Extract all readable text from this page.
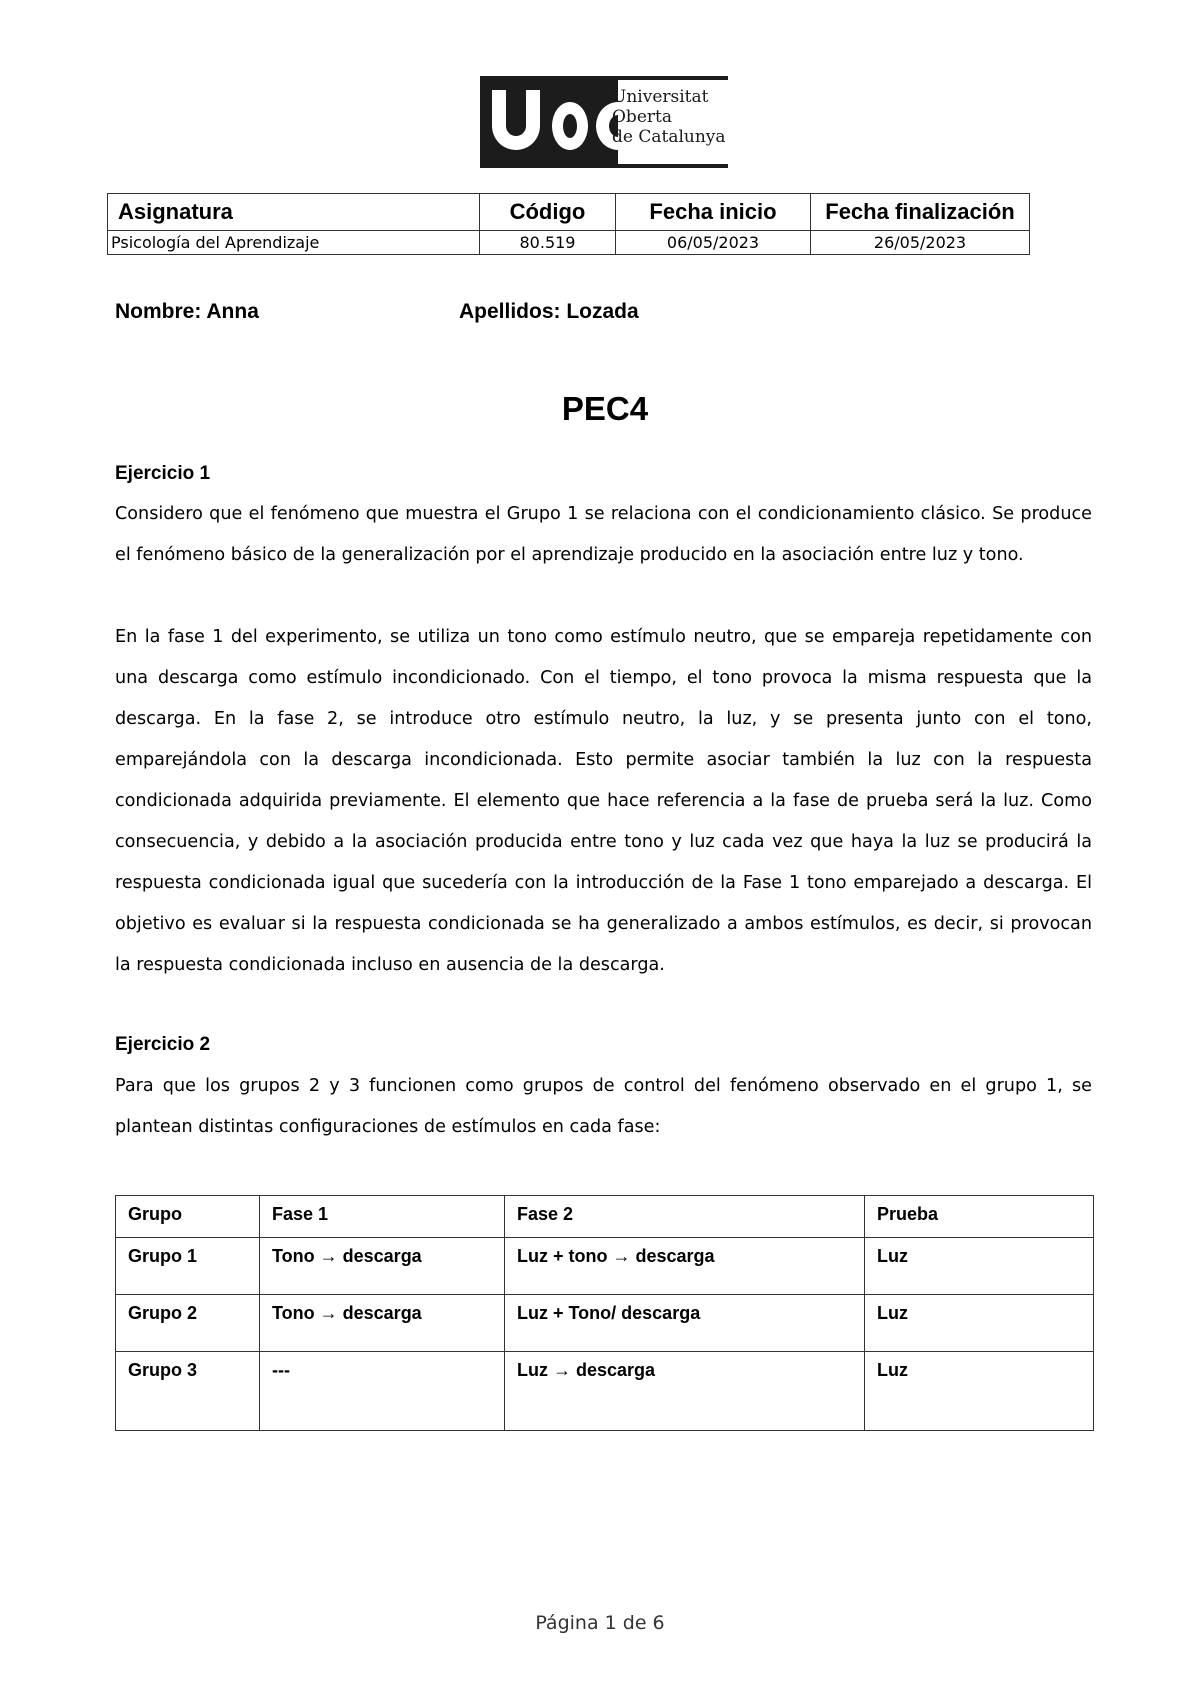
Universitat
Oberta
de Catalunya
Asignatura	Código	Fecha inicio	Fecha finalización
Psicología del Aprendizaje	80.519	06/05/2023	26/05/2023
Nombre: Anna	Apellidos: Lozada
PEC4
Ejercicio 1

Considero que el fenómeno que muestra el Grupo 1 se relaciona con el condicionamiento clásico. Se produce el fenómeno básico de la generalización por el aprendizaje producido en la asociación entre luz y tono.

En la fase 1 del experimento, se utiliza un tono como estímulo neutro, que se empareja repetidamente con una descarga como estímulo incondicionado. Con el tiempo, el tono provoca la misma respuesta que la descarga. En la fase 2, se introduce otro estímulo neutro, la luz, y se presenta junto con el tono, emparejándola con la descarga incondicionada. Esto permite asociar también la luz con la respuesta condicionada adquirida previamente. El elemento que hace referencia a la fase de prueba será la luz. Como consecuencia, y debido a la asociación producida entre tono y luz cada vez que haya la luz se producirá la respuesta condicionada igual que sucedería con la introducción de la Fase 1 tono emparejado a descarga. El objetivo es evaluar si la respuesta condicionada se ha generalizado a ambos estímulos, es decir, si provocan la respuesta condicionada incluso en ausencia de la descarga.

Ejercicio 2

Para que los grupos 2 y 3 funcionen como grupos de control del fenómeno observado en el grupo 1, se plantean distintas configuraciones de estímulos en cada fase:

Grupo	Fase 1	Fase 2	Prueba
Grupo 1	Tono → descarga	Luz + tono → descarga	Luz
Grupo 2	Tono → descarga	Luz + Tono/ descarga	Luz
Grupo 3	---	Luz → descarga	Luz
Página 1 de 6
